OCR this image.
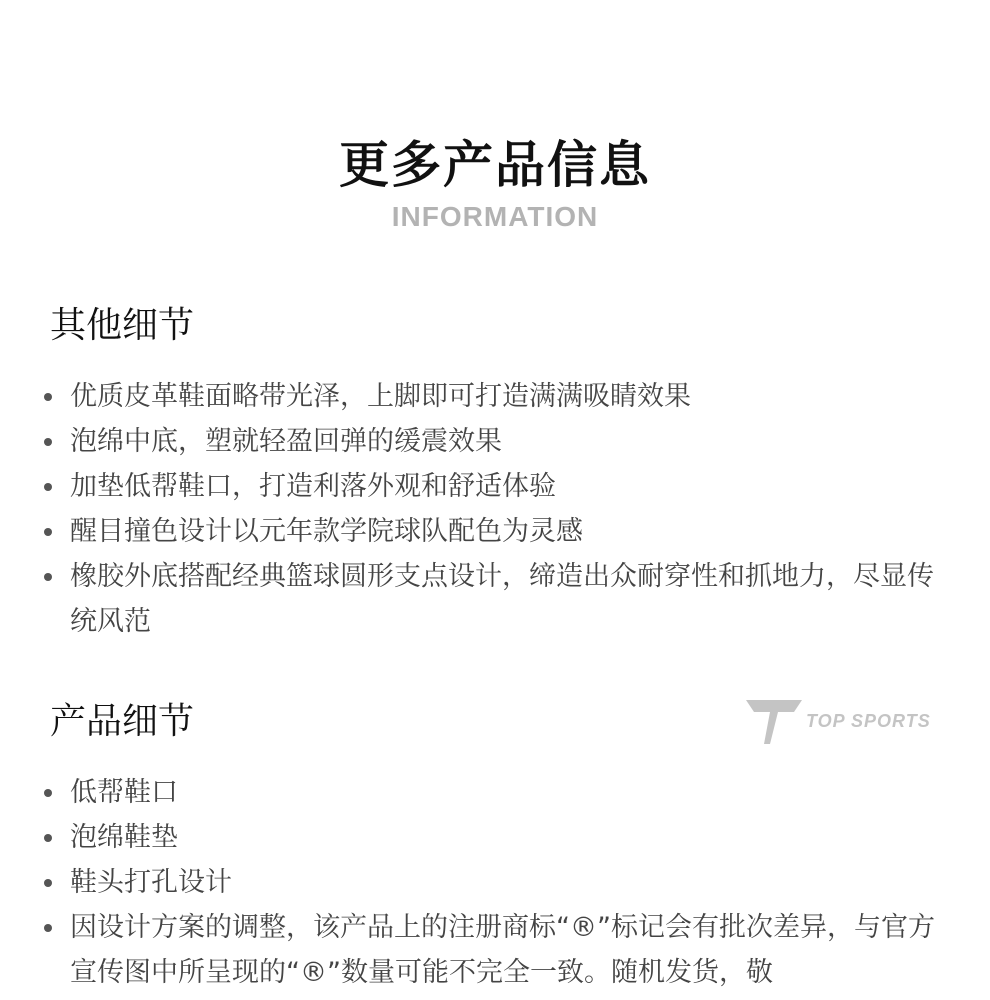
更多产品信息
INFORMATION
其他细节
优质皮革鞋面略带光泽，上脚即可打造满满吸睛效果
泡绵中底，塑就轻盈回弹的缓震效果
加垫低帮鞋口，打造利落外观和舒适体验
醒目撞色设计以元年款学院球队配色为灵感
橡胶外底搭配经典篮球圆形支点设计，缔造出众耐穿性和抓地力，尽显传统风范
产品细节	TOP SPORTS
低帮鞋口
泡绵鞋垫
鞋头打孔设计
因设计方案的调整，该产品上的注册商标“®”标记会有批次差异，与官方宣传图中所呈现的“®”数量可能不完全一致。随机发货，敬
